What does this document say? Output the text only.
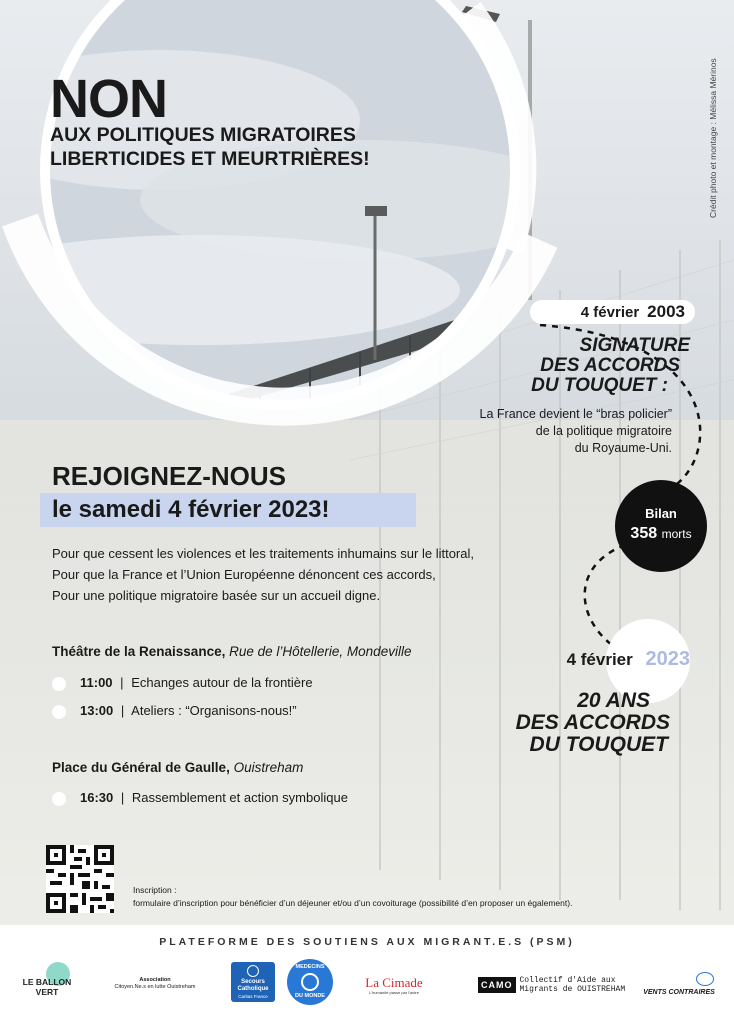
Crédit photo et montage : Mélissa Mérinos
NON
AUX POLITIQUES MIGRATOIRES
LIBERTICIDES ET MEURTRIÈRES!
4 février 2003
SIGNATURE
DES ACCORDS
DU TOUQUET :
La France devient le “bras policier”
de la politique migratoire
du Royaume-Uni.
Bilan
358 morts
4 février 2023
20 ANS
DES ACCORDS
DU TOUQUET
REJOIGNEZ-NOUS
le samedi 4 février 2023!
Pour que cessent les violences et les traitements inhumains sur le littoral,
Pour que la France et l’Union Européenne dénoncent ces accords,
Pour une politique migratoire basée sur un accueil digne.
Théâtre de la Renaissance, Rue de l’Hôtellerie, Mondeville
11:00 | Echanges autour de la frontière
13:00 | Ateliers : “Organisons-nous!”
Place du Général de Gaulle, Ouistreham
16:30 | Rassemblement et action symbolique
Inscription :
formulaire d’inscription pour bénéficier d’un déjeuner et/ou d’un covoiturage (possibilité d’en proposer un également).
PLATEFORME DES SOUTIENS AUX MIGRANT.E.S (PSM)
LE BALLON
VERT
Association
Citoyen.Ne.s en lutte Ouistreham
Secours
Catholique
Caritas France
MEDECINS
DU MONDE
La Cimade
L'humanité passe par l'autre
CAMO Collectif d'Aide aux
Migrants de OUISTREHAM	VENTS CONTRAIRES
